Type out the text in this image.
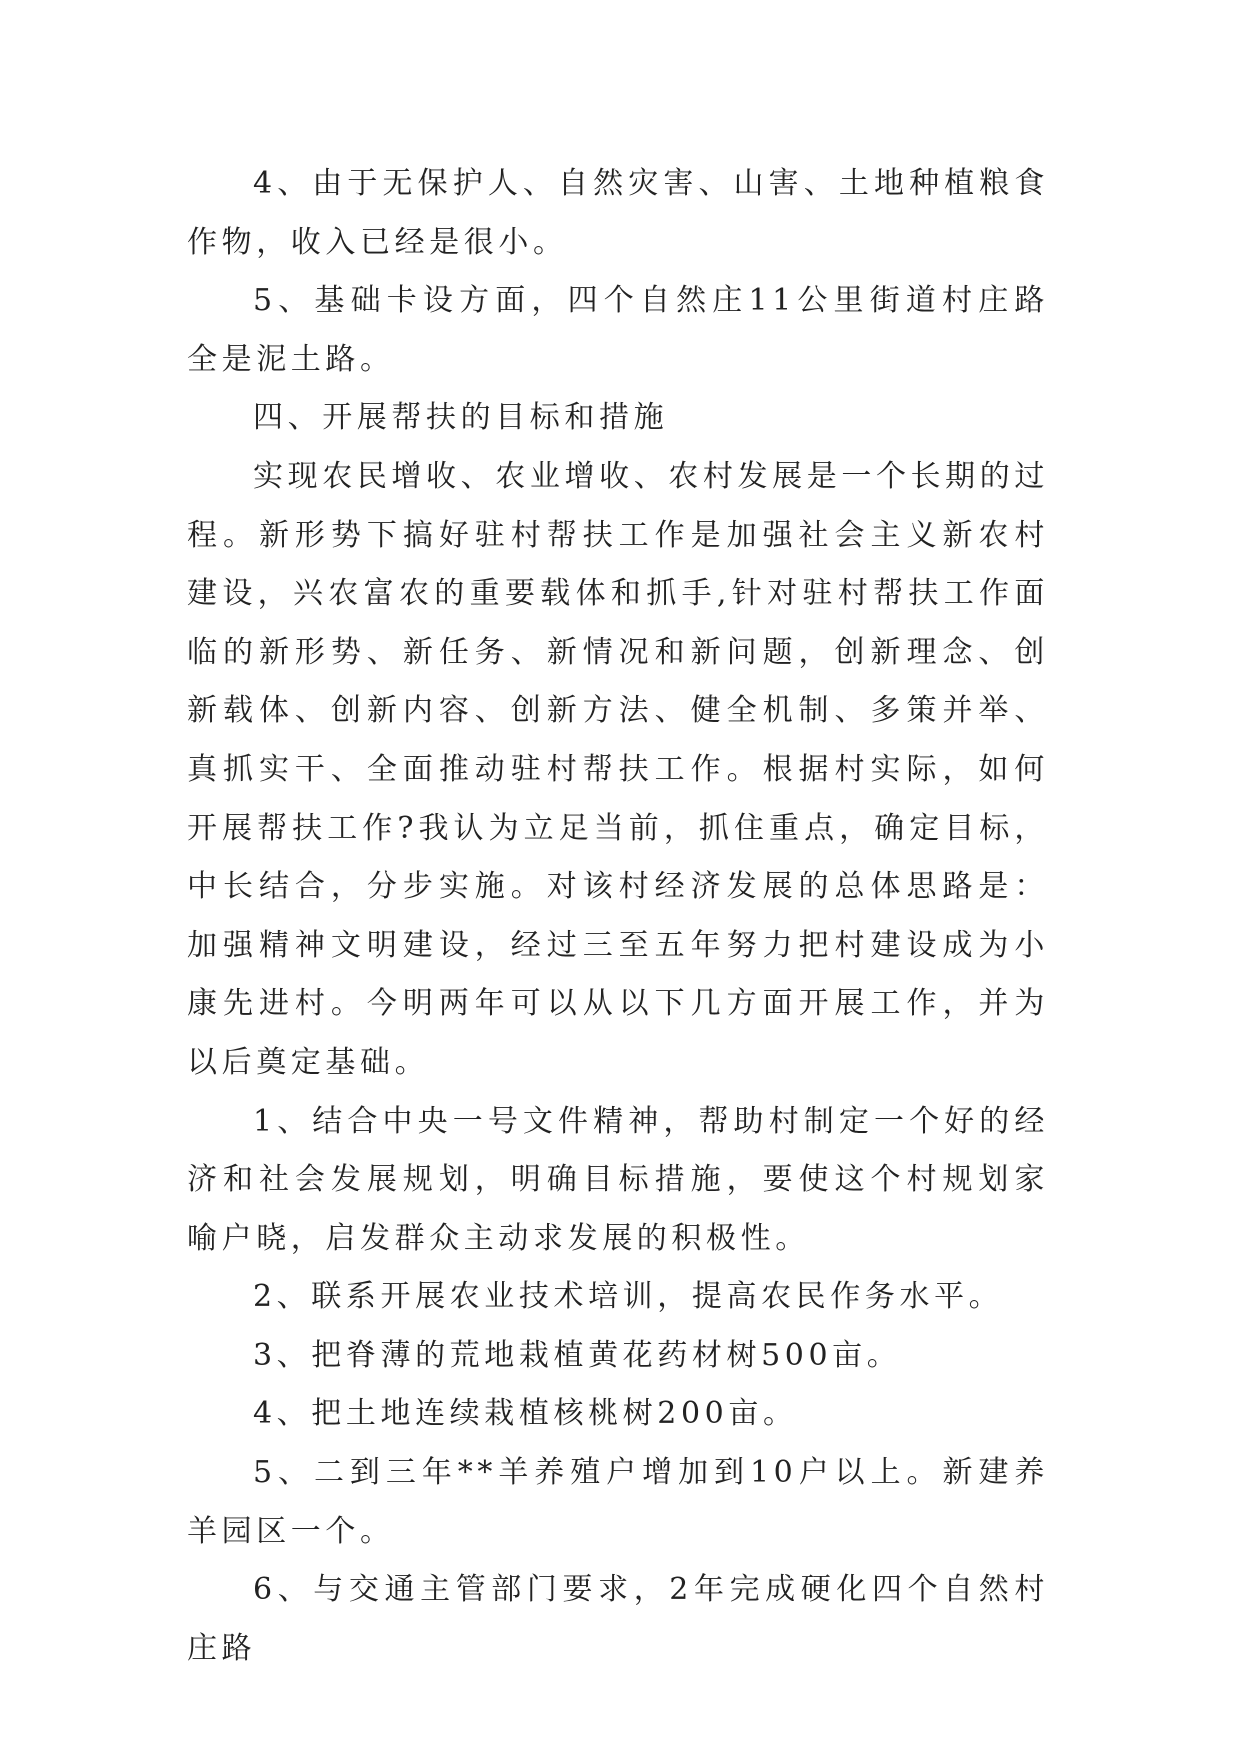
4、由于无保护人、自然灾害、山害、土地种植粮食作物，收入已经是很小。

5、基础卡设方面，四个自然庄11公里街道村庄路全是泥土路。

四、开展帮扶的目标和措施

实现农民增收、农业增收、农村发展是一个长期的过程。新形势下搞好驻村帮扶工作是加强社会主义新农村建设，兴农富农的重要载体和抓手,针对驻村帮扶工作面临的新形势、新任务、新情况和新问题，创新理念、创新载体、创新内容、创新方法、健全机制、多策并举、真抓实干、全面推动驻村帮扶工作。根据村实际，如何开展帮扶工作?我认为立足当前，抓住重点，确定目标，中长结合，分步实施。对该村经济发展的总体思路是：加强精神文明建设，经过三至五年努力把村建设成为小康先进村。今明两年可以从以下几方面开展工作，并为以后奠定基础。

1、结合中央一号文件精神，帮助村制定一个好的经济和社会发展规划，明确目标措施，要使这个村规划家喻户晓，启发群众主动求发展的积极性。

2、联系开展农业技术培训，提高农民作务水平。

3、把脊薄的荒地栽植黄花药材树500亩。

4、把土地连续栽植核桃树200亩。

5、二到三年**羊养殖户增加到10户以上。新建养羊园区一个。

6、与交通主管部门要求，2年完成硬化四个自然村庄路
